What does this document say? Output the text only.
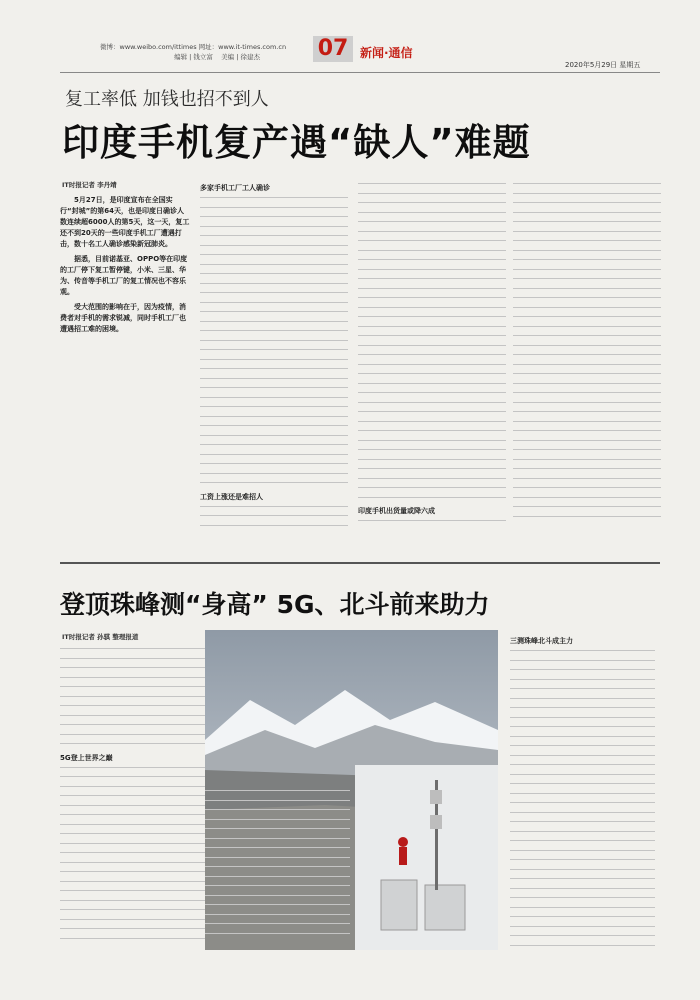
微博：www.weibo.com/ittimes 网址：www.it-times.com.cn
编辑 | 钱立富 美编 | 徐建杰	07 新闻·通信
2020年5月29日 星期五
复工率低 加钱也招不到人
印度手机复产遇“缺人”难题
IT时报记者 李丹靖

5月27日，是印度宣布在全国实行“封城”的第64天，也是印度日确诊人数连续超6000人的第5天，这一天，复工还不到20天的一些印度手机工厂遭遇打击，数十名工人确诊感染新冠肺炎。

据悉，目前诺基亚、OPPO等在印度的工厂停下复工暂停键，小米、三星、华为、传音等手机工厂的复工情况也不容乐观。

受大范围的影响在于，因为疫情，消费者对手机的需求锐减，同时手机工厂也遭遇招工难的困境。

多家手机工厂工人确诊
工资上涨还是难招人
印度手机出货量或降六成
登顶珠峰测“身高” 5G、北斗前来助力
IT时报记者 孙骐 整理报道
5G登上世界之巅
三测珠峰北斗成主力
